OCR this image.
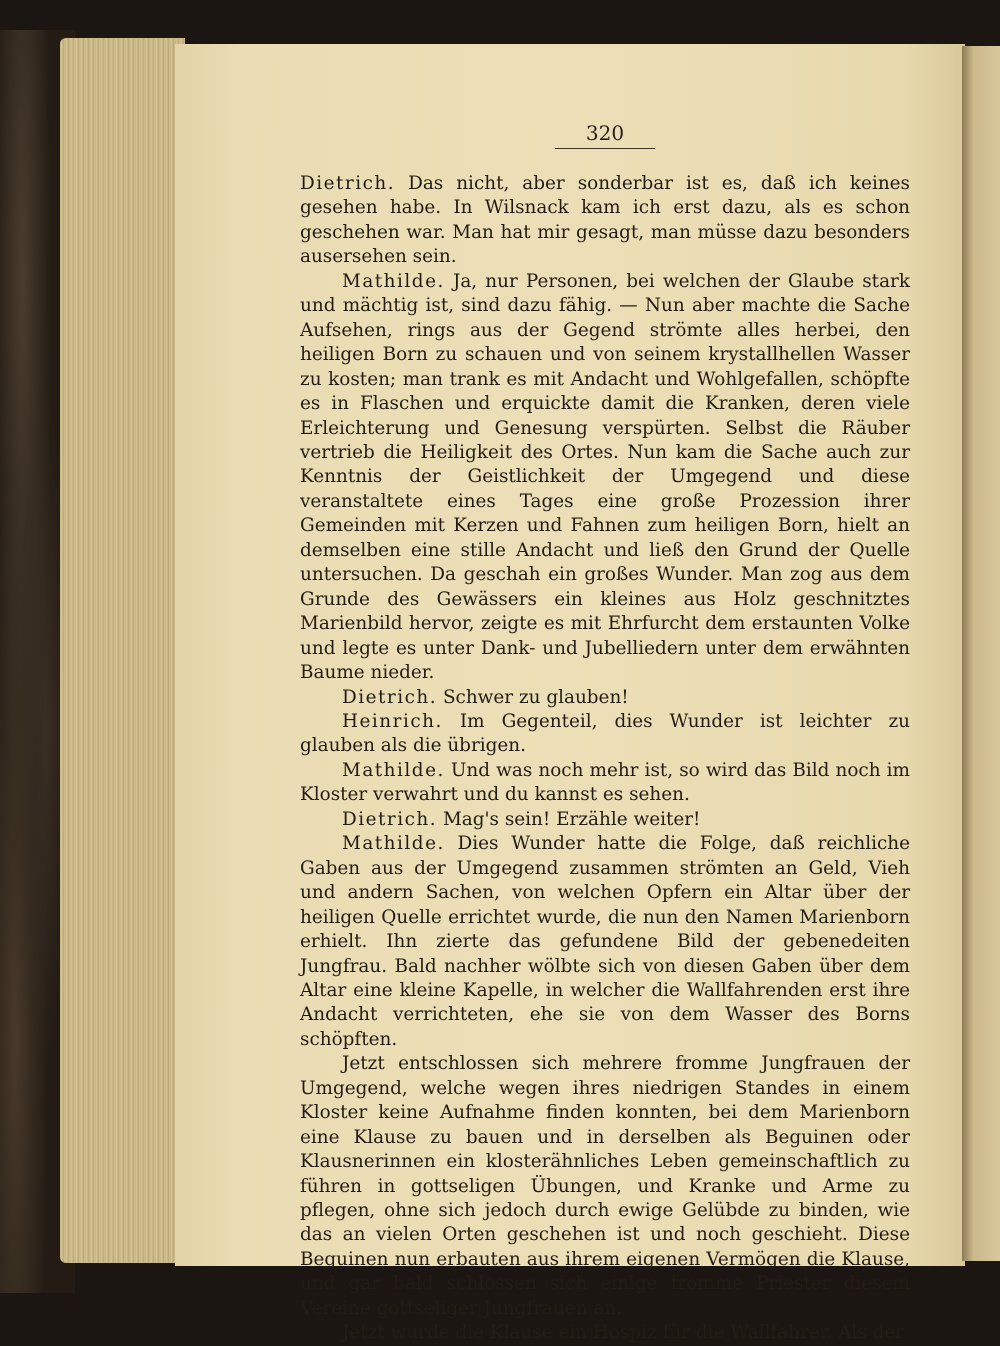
320

Dietrich. Das nicht, aber sonderbar ist es, daß ich keines gesehen habe. In Wilsnack kam ich erst dazu, als es schon geschehen war. Man hat mir gesagt, man müsse dazu besonders ausersehen sein.

Mathilde. Ja, nur Personen, bei welchen der Glaube stark und mächtig ist, sind dazu fähig. — Nun aber machte die Sache Aufsehen, rings aus der Gegend strömte alles herbei, den heiligen Born zu schauen und von seinem krystallhellen Wasser zu kosten; man trank es mit Andacht und Wohlgefallen, schöpfte es in Flaschen und erquickte damit die Kranken, deren viele Erleichterung und Genesung verspürten. Selbst die Räuber vertrieb die Heiligkeit des Ortes. Nun kam die Sache auch zur Kenntnis der Geistlichkeit der Umgegend und diese veranstaltete eines Tages eine große Prozession ihrer Gemeinden mit Kerzen und Fahnen zum heiligen Born, hielt an demselben eine stille Andacht und ließ den Grund der Quelle untersuchen. Da geschah ein großes Wunder. Man zog aus dem Grunde des Gewässers ein kleines aus Holz geschnitztes Marienbild hervor, zeigte es mit Ehrfurcht dem erstaunten Volke und legte es unter Dank- und Jubelliedern unter dem erwähnten Baume nieder.

Dietrich. Schwer zu glauben!

Heinrich. Im Gegenteil, dies Wunder ist leichter zu glauben als die übrigen.

Mathilde. Und was noch mehr ist, so wird das Bild noch im Kloster verwahrt und du kannst es sehen.

Dietrich. Mag's sein! Erzähle weiter!

Mathilde. Dies Wunder hatte die Folge, daß reichliche Gaben aus der Umgegend zusammen strömten an Geld, Vieh und andern Sachen, von welchen Opfern ein Altar über der heiligen Quelle errichtet wurde, die nun den Namen Marienborn erhielt. Ihn zierte das gefundene Bild der gebenedeiten Jungfrau. Bald nachher wölbte sich von diesen Gaben über dem Altar eine kleine Kapelle, in welcher die Wallfahrenden erst ihre Andacht verrichteten, ehe sie von dem Wasser des Borns schöpften.

Jetzt entschlossen sich mehrere fromme Jungfrauen der Umgegend, welche wegen ihres niedrigen Standes in einem Kloster keine Aufnahme finden konnten, bei dem Marienborn eine Klause zu bauen und in derselben als Beguinen oder Klausnerinnen ein klosterähnliches Leben gemeinschaftlich zu führen in gottseligen Übungen, und Kranke und Arme zu pflegen, ohne sich jedoch durch ewige Gelübde zu binden, wie das an vielen Orten geschehen ist und noch geschieht. Diese Beguinen nun erbauten aus ihrem eigenen Vermögen die Klause, und gar bald schlossen sich einige fromme Priester diesem Vereine gottseliger Jungfrauen an.

Jetzt wurde die Klause ein Hospiz für die Wallfahrer. Als der
